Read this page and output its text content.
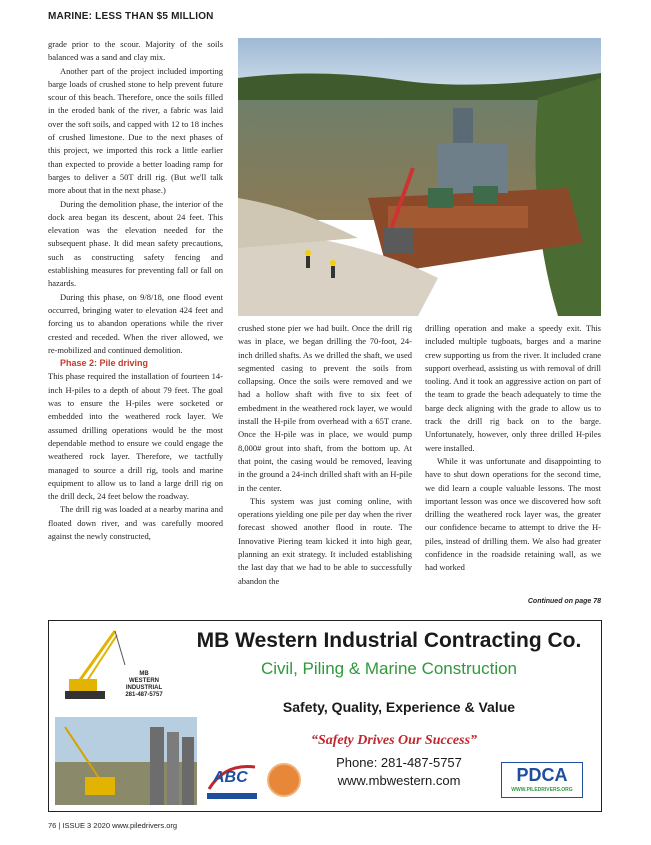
MARINE: LESS THAN $5 MILLION

grade prior to the scour. Majority of the soils balanced was a sand and clay mix.

Another part of the project included importing barge loads of crushed stone to help prevent future scour of this beach. Therefore, once the soils filled in the eroded bank of the river, a fabric was laid over the soft soils, and capped with 12 to 18 inches of crushed limestone. Due to the next phases of this project, we imported this rock a little earlier than expected to provide a better loading ramp for barges to deliver a 50T drill rig. (But we'll talk more about that in the next phase.)

During the demolition phase, the interior of the dock area began its descent, about 24 feet. This elevation was the elevation needed for the subsequent phase. It did mean safety precautions, such as constructing safety fencing and establishing measures for preventing fall or fall on hazards.

During this phase, on 9/8/18, one flood event occurred, bringing water to elevation 424 feet and forcing us to abandon operations while the river crested and receded. When the river allowed, we re-mobilized and continued demolition.

Phase 2: Pile driving

This phase required the installation of fourteen 14-inch H-piles to a depth of about 79 feet. The goal was to ensure the H-piles were socketed or embedded into the weathered rock layer. We assumed drilling operations would be the most dependable method to ensure we could engage the weathered rock layer. Therefore, we tactfully managed to source a drill rig, tools and marine equipment to allow us to land a large drill rig on the drill deck, 24 feet below the roadway.

The drill rig was loaded at a nearby marina and floated down river, and was carefully moored against the newly constructed,

crushed stone pier we had built. Once the drill rig was in place, we began drilling the 70-foot, 24-inch drilled shafts. As we drilled the shaft, we used segmented casing to prevent the soils from collapsing. Once the soils were removed and we had a hollow shaft with five to six feet of embedment in the weathered rock layer, we would install the H-pile from overhead with a 65T crane. Once the H-pile was in place, we would pump 8,000# grout into shaft, from the bottom up. At that point, the casing would be removed, leaving in the ground a 24-inch drilled shaft with an H-pile in the center.

This system was just coming online, with operations yielding one pile per day when the river forecast showed another flood in route. The Innovative Piering team kicked it into high gear, planning an exit strategy. It included establishing the last day that we had to be able to successfully abandon the

drilling operation and make a speedy exit. This included multiple tugboats, barges and a marine crew supporting us from the river. It included crane support overhead, assisting us with removal of drill tooling. And it took an aggressive action on part of the team to grade the beach adequately to time the barge deck aligning with the grade to allow us to track the drill rig back on to the barge. Unfortunately, however, only three drilled H-piles were installed.

While it was unfortunate and disappointing to have to shut down operations for the second time, we did learn a couple valuable lessons. The most important lesson was once we discovered how soft drilling the weathered rock layer was, the greater our confidence became to attempt to drive the H-piles, instead of drilling them. We also had greater confidence in the roadside retaining wall, as we had worked

Continued on page 78
MB
WESTERN
INDUSTRIAL
281-487-5757
MB Western Industrial Contracting Co.
Civil, Piling & Marine Construction
Safety, Quality, Experience & Value
“Safety Drives Our Success”
Phone: 281-487-5757
www.mbwestern.com
ABC	PDCA
WWW.PILEDRIVERS.ORG
76 | ISSUE 3 2020 www.piledrivers.org
